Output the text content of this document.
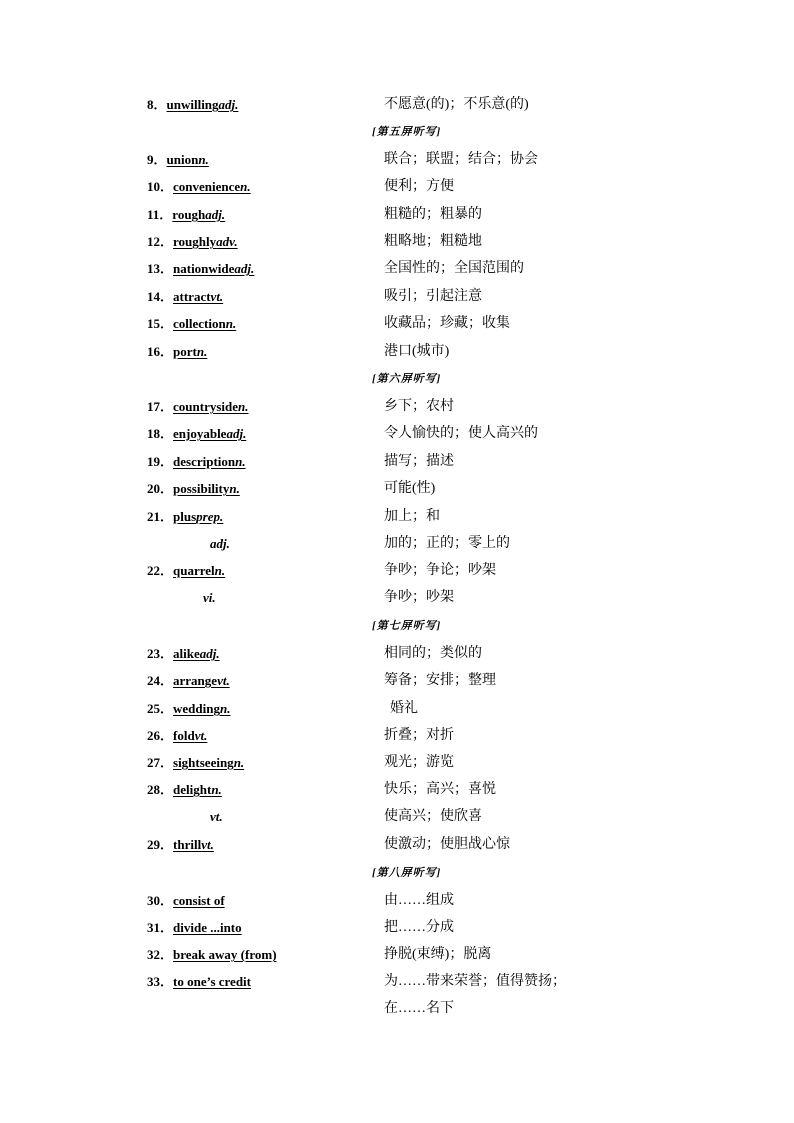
8．unwillingadj.	不愿意(的)；不乐意(的)
[第五屏听写]
9．unionn.	联合；联盟；结合；协会
10．conveniencen.	便利；方便
11．roughadj.	粗糙的；粗暴的
12．roughlyadv.	粗略地；粗糙地
13．nationwideadj.	全国性的；全国范围的
14．attractvt.	吸引；引起注意
15．collectionn.	收藏品；珍藏；收集
16．portn.	港口(城市)
[第六屏听写]
17．countrysiden.	乡下；农村
18．enjoyableadj.	令人愉快的；使人高兴的
19．descriptionn.	描写；描述
20．possibilityn.	可能(性)
21．plusprep.	加上；和
adj.	加的；正的；零上的
22．quarreln.	争吵；争论；吵架
vi.	争吵；吵架
[第七屏听写]
23．alikeadj.	相同的；类似的
24．arrangevt.	筹备；安排；整理
25．weddingn.	婚礼
26．foldvt.	折叠；对折
27．sightseeingn.	观光；游览
28．delightn.	快乐；高兴；喜悦
vt.	使高兴；使欣喜
29．thrillvt.	使激动；使胆战心惊
[第八屏听写]
30．consist of	由……组成
31．divide ...into	把……分成
32．break away (from)	挣脱(束缚)；脱离
33．to one’s credit	为……带来荣誉；值得赞扬；
在……名下
